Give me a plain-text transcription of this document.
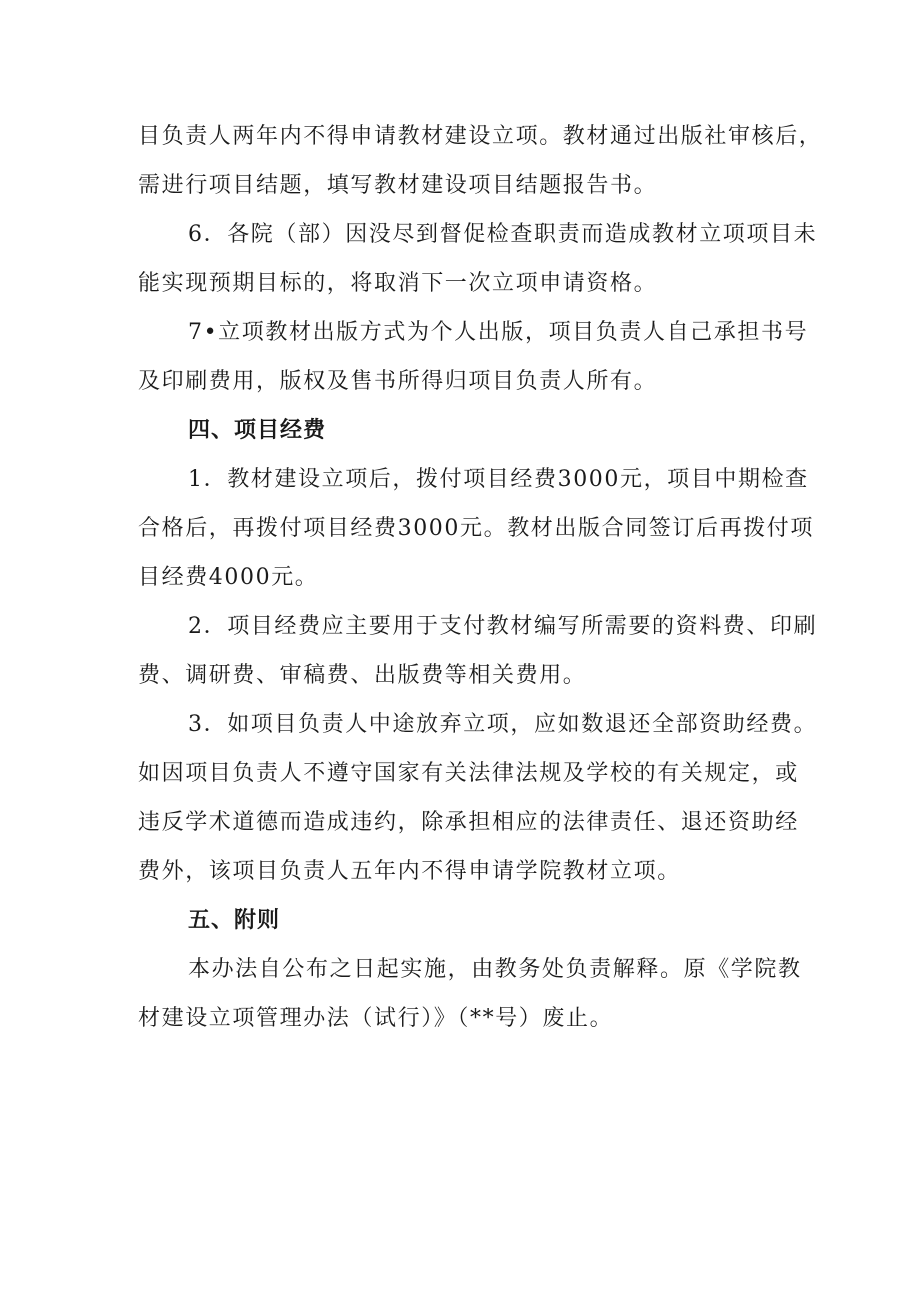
目负责人两年内不得申请教材建设立项。教材通过出版社审核后，
需进行项目结题，填写教材建设项目结题报告书。
6．各院（部）因没尽到督促检查职责而造成教材立项项目未
能实现预期目标的，将取消下一次立项申请资格。
7•立项教材出版方式为个人出版，项目负责人自己承担书号
及印刷费用，版权及售书所得归项目负责人所有。
四、项目经费
1．教材建设立项后，拨付项目经费3000元，项目中期检查
合格后，再拨付项目经费3000元。教材出版合同签订后再拨付项
目经费4000元。
2．项目经费应主要用于支付教材编写所需要的资料费、印刷
费、调研费、审稿费、出版费等相关费用。
3．如项目负责人中途放弃立项，应如数退还全部资助经费。
如因项目负责人不遵守国家有关法律法规及学校的有关规定，或
违反学术道德而造成违约，除承担相应的法律责任、退还资助经
费外，该项目负责人五年内不得申请学院教材立项。
五、附则
本办法自公布之日起实施，由教务处负责解释。原《学院教
材建设立项管理办法（试行）》（**号）废止。
